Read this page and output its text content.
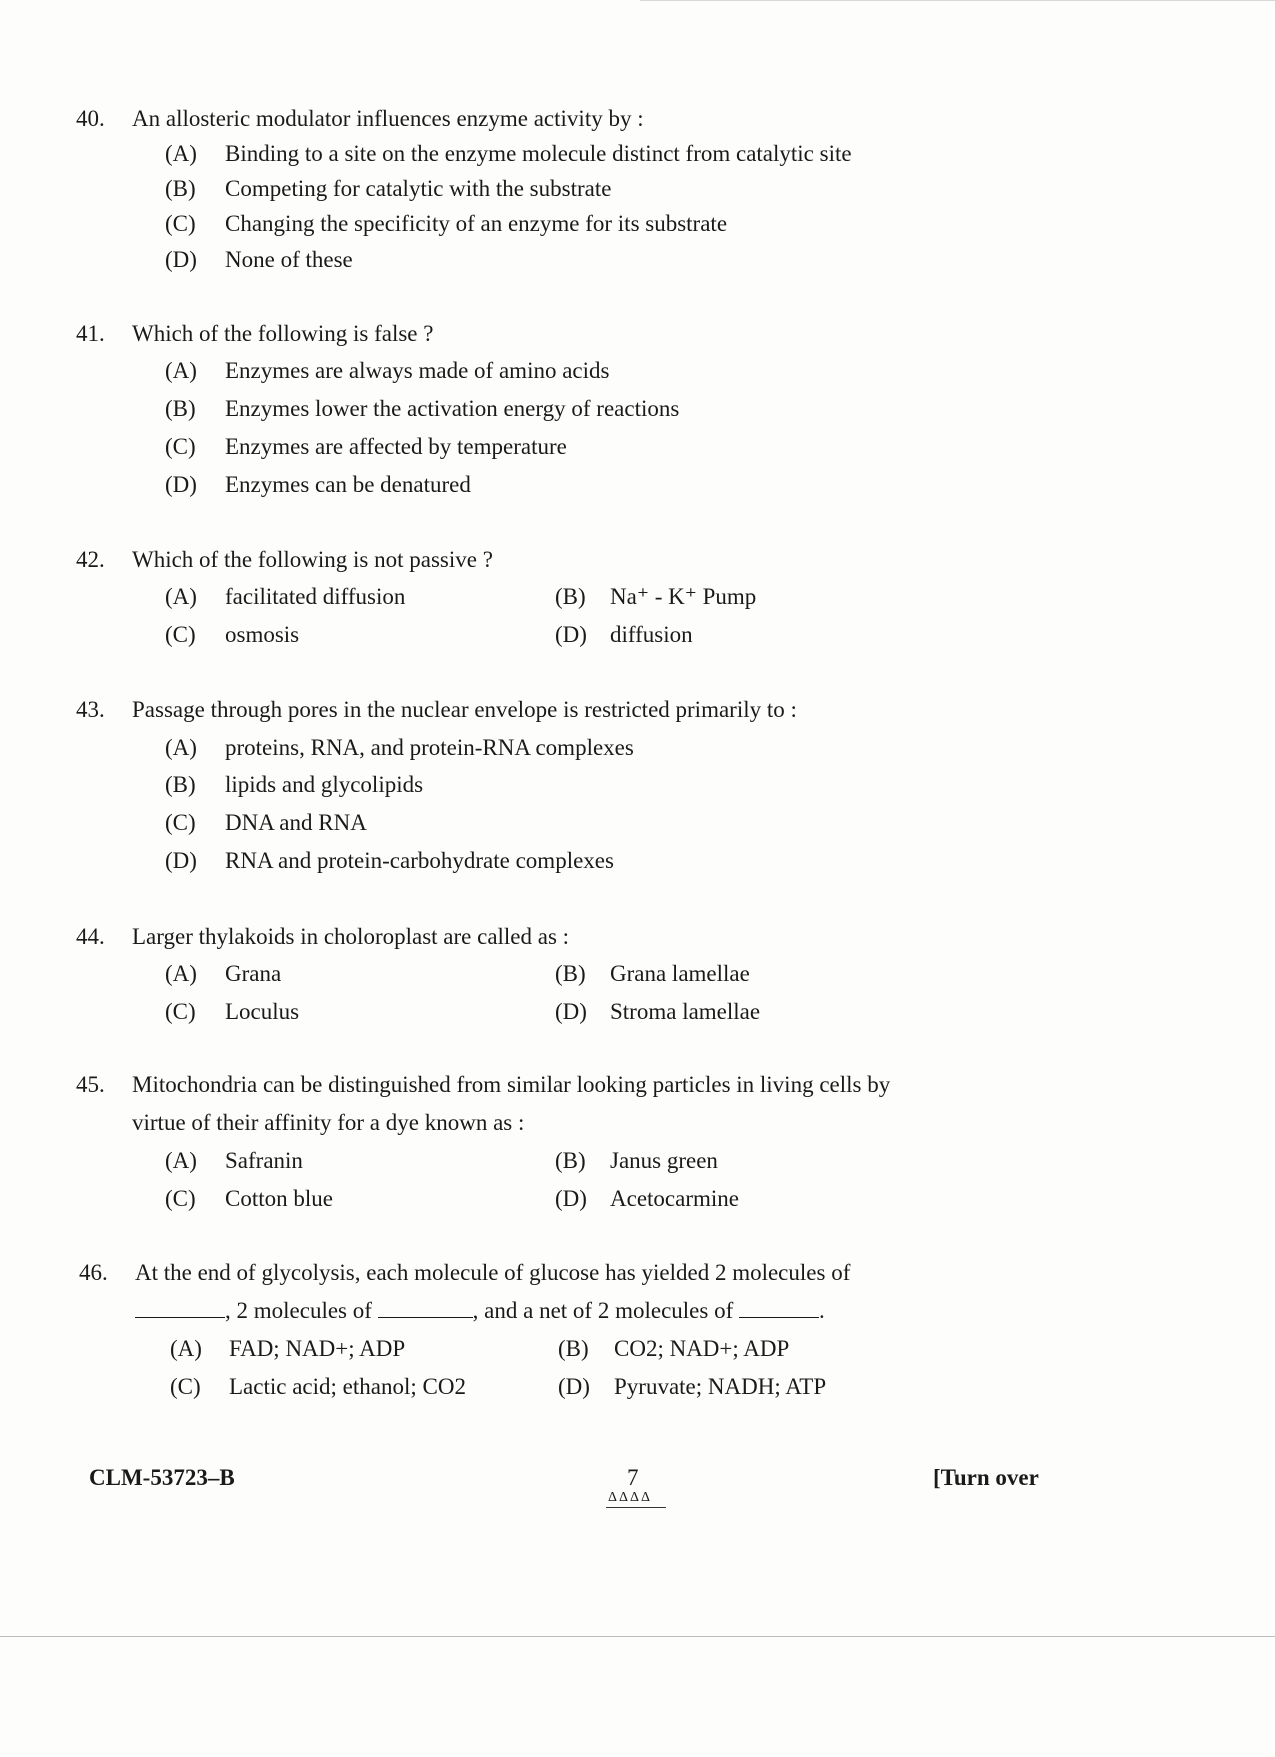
40. An allosteric modulator influences enzyme activity by :
(A) Binding to a site on the enzyme molecule distinct from catalytic site
(B) Competing for catalytic with the substrate
(C) Changing the specificity of an enzyme for its substrate
(D) None of these
41. Which of the following is false ?
(A) Enzymes are always made of amino acids
(B) Enzymes lower the activation energy of reactions
(C) Enzymes are affected by temperature
(D) Enzymes can be denatured
42. Which of the following is not passive ?
(A) facilitated diffusion	(B) Na⁺ - K⁺ Pump
(C) osmosis	(D) diffusion
43. Passage through pores in the nuclear envelope is restricted primarily to :
(A) proteins, RNA, and protein-RNA complexes
(B) lipids and glycolipids
(C) DNA and RNA
(D) RNA and protein-carbohydrate complexes
44. Larger thylakoids in choloroplast are called as :
(A) Grana	(B) Grana lamellae
(C) Loculus	(D) Stroma lamellae
45. Mitochondria can be distinguished from similar looking particles in living cells by
virtue of their affinity for a dye known as :
(A) Safranin	(B) Janus green
(C) Cotton blue	(D) Acetocarmine
46. At the end of glycolysis, each molecule of glucose has yielded 2 molecules of
, 2 molecules of	, and a net of 2 molecules of	.
(A) FAD; NAD+; ADP	(B) CO2; NAD+; ADP
(C) Lactic acid; ethanol; CO2	(D) Pyruvate; NADH; ATP
CLM-53723–B	7
ΔΔΔΔ
[Turn over
